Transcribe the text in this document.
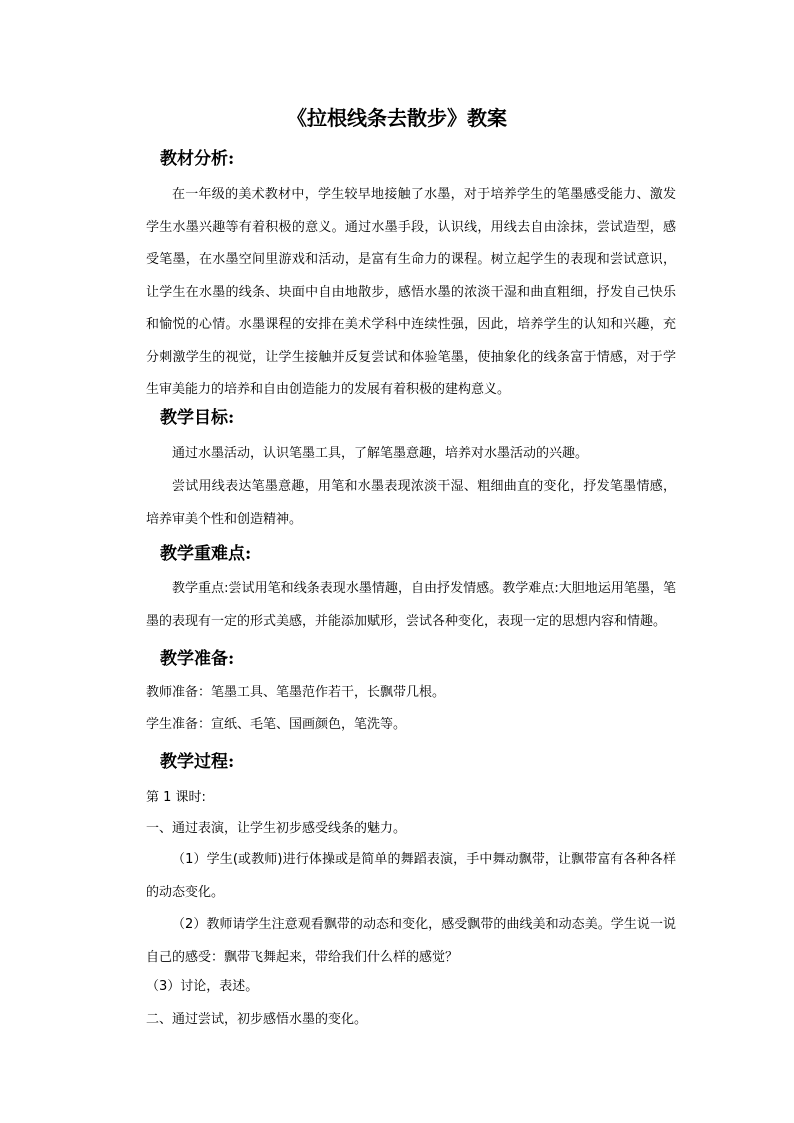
《拉根线条去散步》教案
教材分析:
在一年级的美术教材中，学生较早地接触了水墨，对于培养学生的笔墨感受能力、激发学生水墨兴趣等有着积极的意义。通过水墨手段，认识线，用线去自由涂抹，尝试造型，感受笔墨，在水墨空间里游戏和活动，是富有生命力的课程。树立起学生的表现和尝试意识，让学生在水墨的线条、块面中自由地散步，感悟水墨的浓淡干湿和曲直粗细，抒发自己快乐和愉悦的心情。水墨课程的安排在美术学科中连续性强，因此，培养学生的认知和兴趣，充分刺激学生的视觉，让学生接触并反复尝试和体验笔墨，使抽象化的线条富于情感，对于学生审美能力的培养和自由创造能力的发展有着积极的建构意义。
教学目标:
通过水墨活动，认识笔墨工具，了解笔墨意趣，培养对水墨活动的兴趣。
尝试用线表达笔墨意趣，用笔和水墨表现浓淡干湿、粗细曲直的变化，抒发笔墨情感，培养审美个性和创造精神。
教学重难点:
教学重点:尝试用笔和线条表现水墨情趣，自由抒发情感。教学难点:大胆地运用笔墨，笔墨的表现有一定的形式美感，并能添加赋形，尝试各种变化，表现一定的思想内容和情趣。
教学准备:
教师准备：笔墨工具、笔墨范作若干，长飘带几根。
学生准备：宣纸、毛笔、国画颜色，笔洗等。
教学过程:
第 1 课时:
一、通过表演，让学生初步感受线条的魅力。
（1）学生(或教师)进行体操或是简单的舞蹈表演，手中舞动飘带，让飘带富有各种各样的动态变化。
（2）教师请学生注意观看飘带的动态和变化，感受飘带的曲线美和动态美。学生说一说自己的感受：飘带飞舞起来，带给我们什么样的感觉？
（3）讨论，表述。
二、通过尝试，初步感悟水墨的变化。
